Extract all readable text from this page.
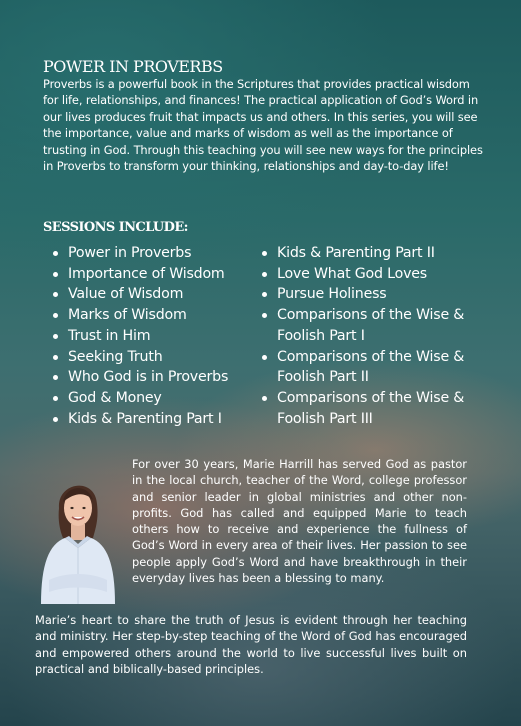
POWER IN PROVERBS

Proverbs is a powerful book in the Scriptures that provides practical wisdom for life, relationships, and finances! The practical application of God’s Word in our lives produces fruit that impacts us and others. In this series, you will see the importance, value and marks of wisdom as well as the importance of trusting in God. Through this teaching you will see new ways for the principles in Proverbs to transform your thinking, relationships and day-to-day life!

SESSIONS INCLUDE:
Power in Proverbs
Importance of Wisdom
Value of Wisdom
Marks of Wisdom
Trust in Him
Seeking Truth
Who God is in Proverbs
God & Money
Kids & Parenting Part I
Kids & Parenting Part II
Love What God Loves
Pursue Holiness
Comparisons of the Wise & Foolish Part I
Comparisons of the Wise & Foolish Part II
Comparisons of the Wise & Foolish Part III

For over 30 years, Marie Harrill has served God as pastor in the local church, teacher of the Word, college professor and senior leader in global ministries and other non-profits. God has called and equipped Marie to teach others how to receive and experience the fullness of God’s Word in every area of their lives. Her passion to see people apply God’s Word and have breakthrough in their everyday lives has been a blessing to many.

Marie’s heart to share the truth of Jesus is evident through her teaching and ministry. Her step-by-step teaching of the Word of God has encouraged and empowered others around the world to live successful lives built on practical and biblically-based principles.
